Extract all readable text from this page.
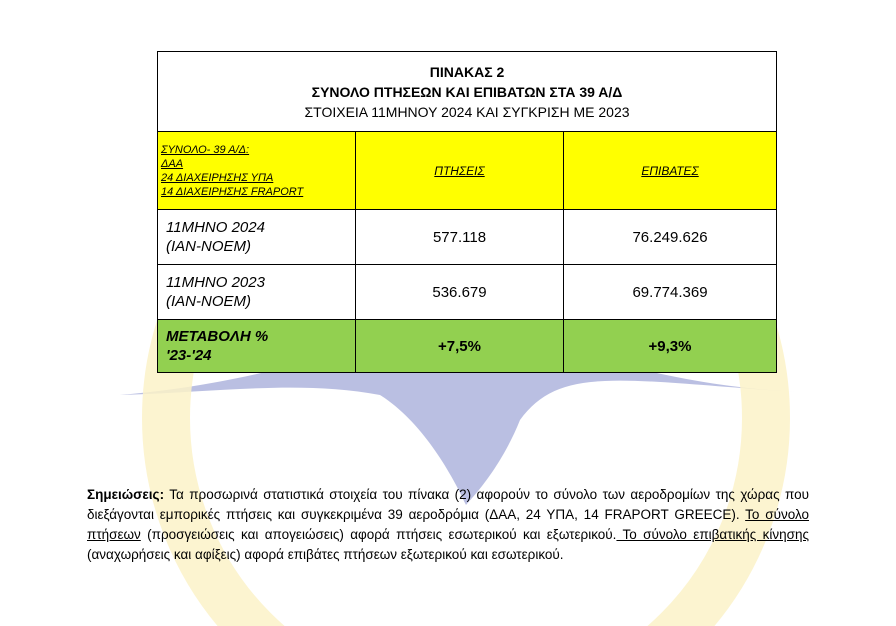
ΠΙΝΑΚΑΣ 2
ΣΥΝΟΛΟ ΠΤΗΣΕΩΝ ΚΑΙ ΕΠΙΒΑΤΩΝ ΣΤΑ 39 Α/Δ
ΣΤΟΙΧΕΙΑ 11ΜΗΝΟΥ 2024 ΚΑΙ ΣΥΓΚΡΙΣΗ ΜΕ 2023		

ΣΥΝΟΛΟ- 39 Α/Δ:
ΔΑΑ
24 ΔΙΑΧΕΙΡΗΣΗΣ ΥΠΑ
14 ΔΙΑΧΕΙΡΗΣΗΣ FRAPORT	ΠΤΗΣΕΙΣ	ΕΠΙΒΑΤΕΣ

11ΜΗΝΟ 2024
(ΙΑΝ-ΝΟΕΜ)	577.118	76.249.626

11ΜΗΝΟ 2023
(ΙΑΝ-ΝΟΕΜ)	536.679	69.774.369

ΜΕΤΑΒΟΛΗ %
'23-'24	+7,5%	+9,3%
Σημειώσεις: Τα προσωρινά στατιστικά στοιχεία του πίνακα (2) αφορούν το σύνολο των αεροδρομίων της χώρας που διεξάγονται εμπορικές πτήσεις και συγκεκριμένα 39 αεροδρόμια (ΔΑΑ, 24 ΥΠΑ, 14 FRAPORT GREECE). Το σύνολο πτήσεων (προσγειώσεις και απογειώσεις) αφορά πτήσεις εσωτερικού και εξωτερικού. Το σύνολο επιβατικής κίνησης (αναχωρήσεις και αφίξεις) αφορά επιβάτες πτήσεων εξωτερικού και εσωτερικού.
